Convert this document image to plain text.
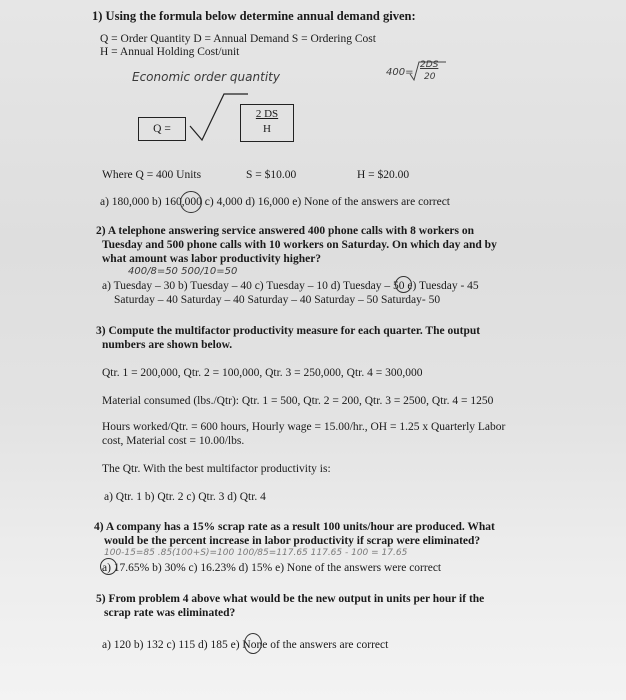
1) Using the formula below determine annual demand given:
Q = Order Quantity D = Annual Demand S = Ordering Cost
H = Annual Holding Cost/unit
Economic order quantity	400=
2DS
20
Q =	$\frac{2 DS}{H}$
Where Q = 400 Units	S = $10.00	H = $20.00
a) 180,000 b) 160,000 c) 4,000 d) 16,000 e) None of the answers are correct
2) A telephone answering service answered 400 phone calls with 8 workers on
Tuesday and 500 phone calls with 10 workers on Saturday. On which day and by
what amount was labor productivity higher?
400/8=50 500/10=50
a) Tuesday – 30 b) Tuesday – 40 c) Tuesday – 10 d) Tuesday – 50 e) Tuesday - 45
Saturday – 40 Saturday – 40 Saturday – 40 Saturday – 50 Saturday- 50
3) Compute the multifactor productivity measure for each quarter. The output
numbers are shown below.
Qtr. 1 = 200,000, Qtr. 2 = 100,000, Qtr. 3 = 250,000, Qtr. 4 = 300,000
Material consumed (lbs./Qtr): Qtr. 1 = 500, Qtr. 2 = 200, Qtr. 3 = 2500, Qtr. 4 = 1250
Hours worked/Qtr. = 600 hours, Hourly wage = 15.00/hr., OH = 1.25 x Quarterly Labor
cost, Material cost = 10.00/lbs.
The Qtr. With the best multifactor productivity is:
a) Qtr. 1 b) Qtr. 2 c) Qtr. 3 d) Qtr. 4
4) A company has a 15% scrap rate as a result 100 units/hour are produced. What
would be the percent increase in labor productivity if scrap were eliminated?
100-15=85 .85(100+S)=100 100/85=117.65 117.65 - 100 = 17.65
a) 17.65% b) 30% c) 16.23% d) 15% e) None of the answers were correct
5) From problem 4 above what would be the new output in units per hour if the
scrap rate was eliminated?
a) 120 b) 132 c) 115 d) 185 e) None of the answers are correct
